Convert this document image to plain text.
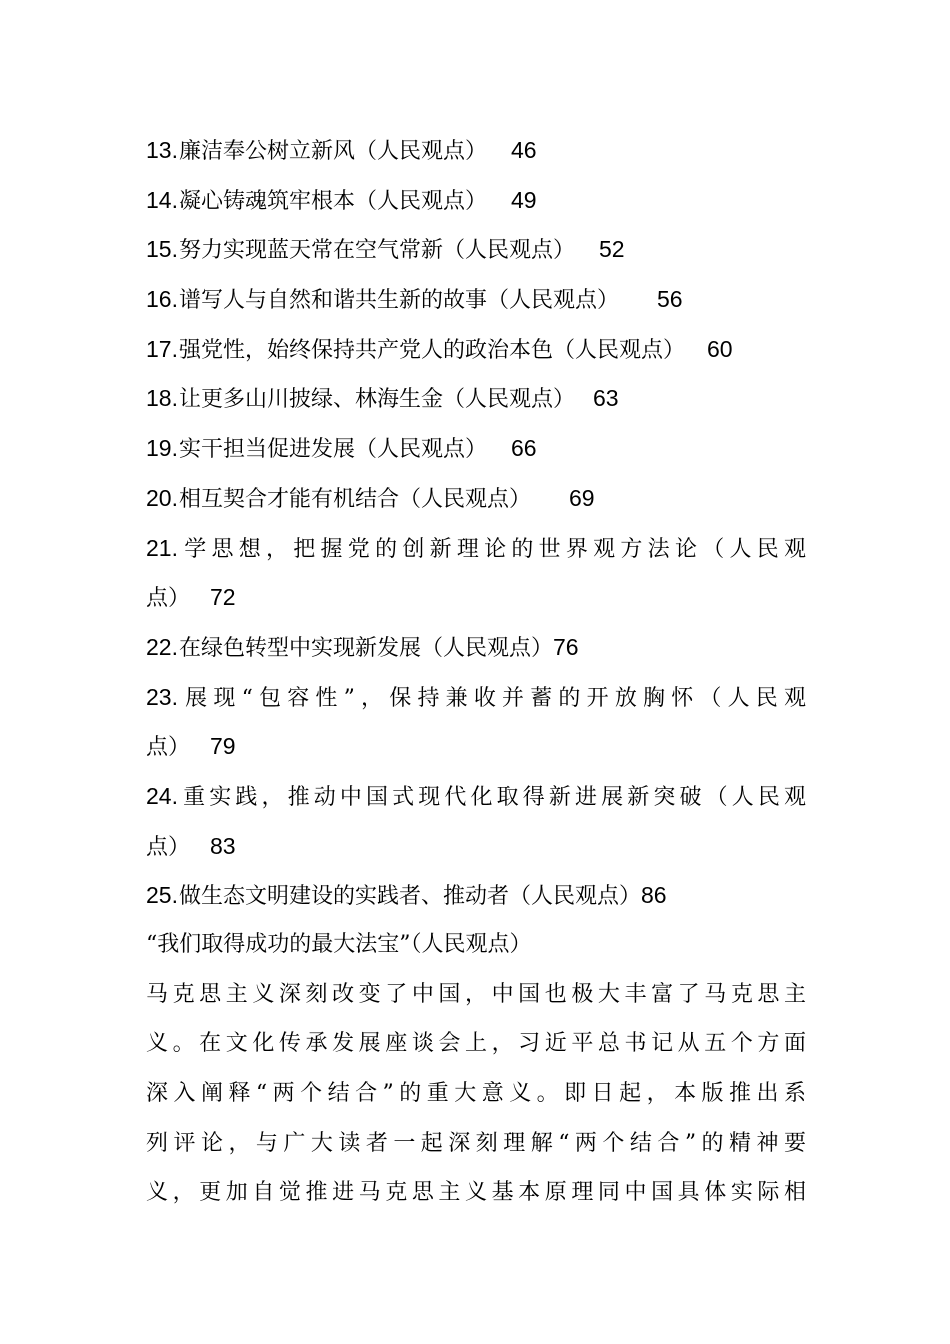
13.廉洁奉公树立新风（人民观点） 46
14.凝心铸魂筑牢根本（人民观点） 49
15.努力实现蓝天常在空气常新（人民观点） 52
16.谱写人与自然和谐共生新的故事（人民观点） 56
17.强党性，始终保持共产党人的政治本色（人民观点） 60
18.让更多山川披绿、林海生金（人民观点） 63
19.实干担当促进发展（人民观点） 66
20.相互契合才能有机结合（人民观点） 69
21.学思想，把握党的创新理论的世界观方法论（人民观
点） 72
22.在绿色转型中实现新发展（人民观点）76
23.展现“包容性”，保持兼收并蓄的开放胸怀（人民观
点） 79
24.重实践，推动中国式现代化取得新进展新突破（人民观
点） 83
25.做生态文明建设的实践者、推动者（人民观点）86
“我们取得成功的最大法宝”（人民观点）
马克思主义深刻改变了中国，中国也极大丰富了马克思主
义。在文化传承发展座谈会上，习近平总书记从五个方面
深入阐释“两个结合”的重大意义。即日起，本版推出系
列评论，与广大读者一起深刻理解“两个结合”的精神要
义，更加自觉推进马克思主义基本原理同中国具体实际相
